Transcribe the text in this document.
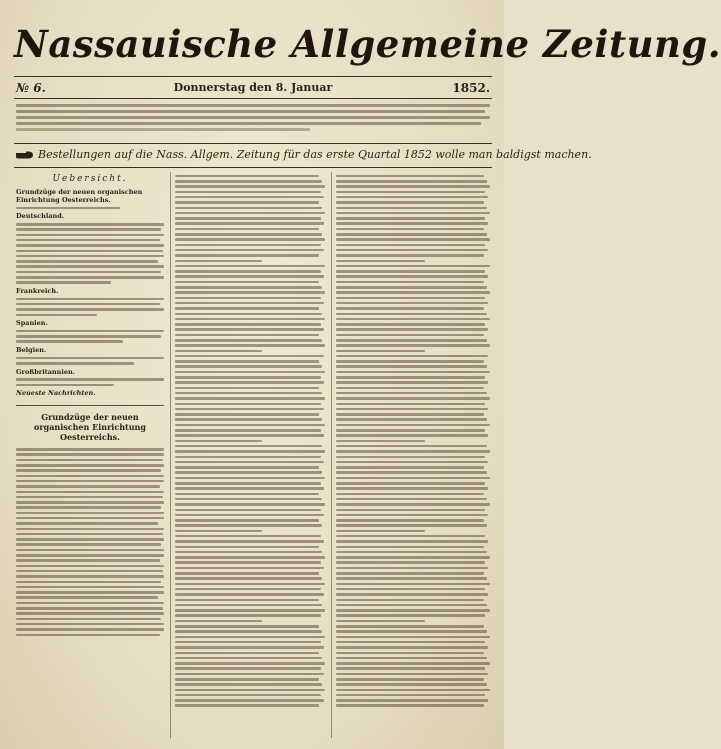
Nassauische Allgemeine Zeitung.
№ 6.	Donnerstag den 8. Januar	1852.
Bestellungen auf die Nass. Allgem. Zeitung für das erste Quartal 1852 wolle man baldigst machen.
Uebersicht.
Grundzüge der neuen organischen Einrichtung Oesterreichs.
Deutschland.
Frankreich.
Spanien.
Belgien.
Großbritannien.
Neueste Nachrichten.
Grundzüge der neuen organischen Einrichtung Oesterreichs.
